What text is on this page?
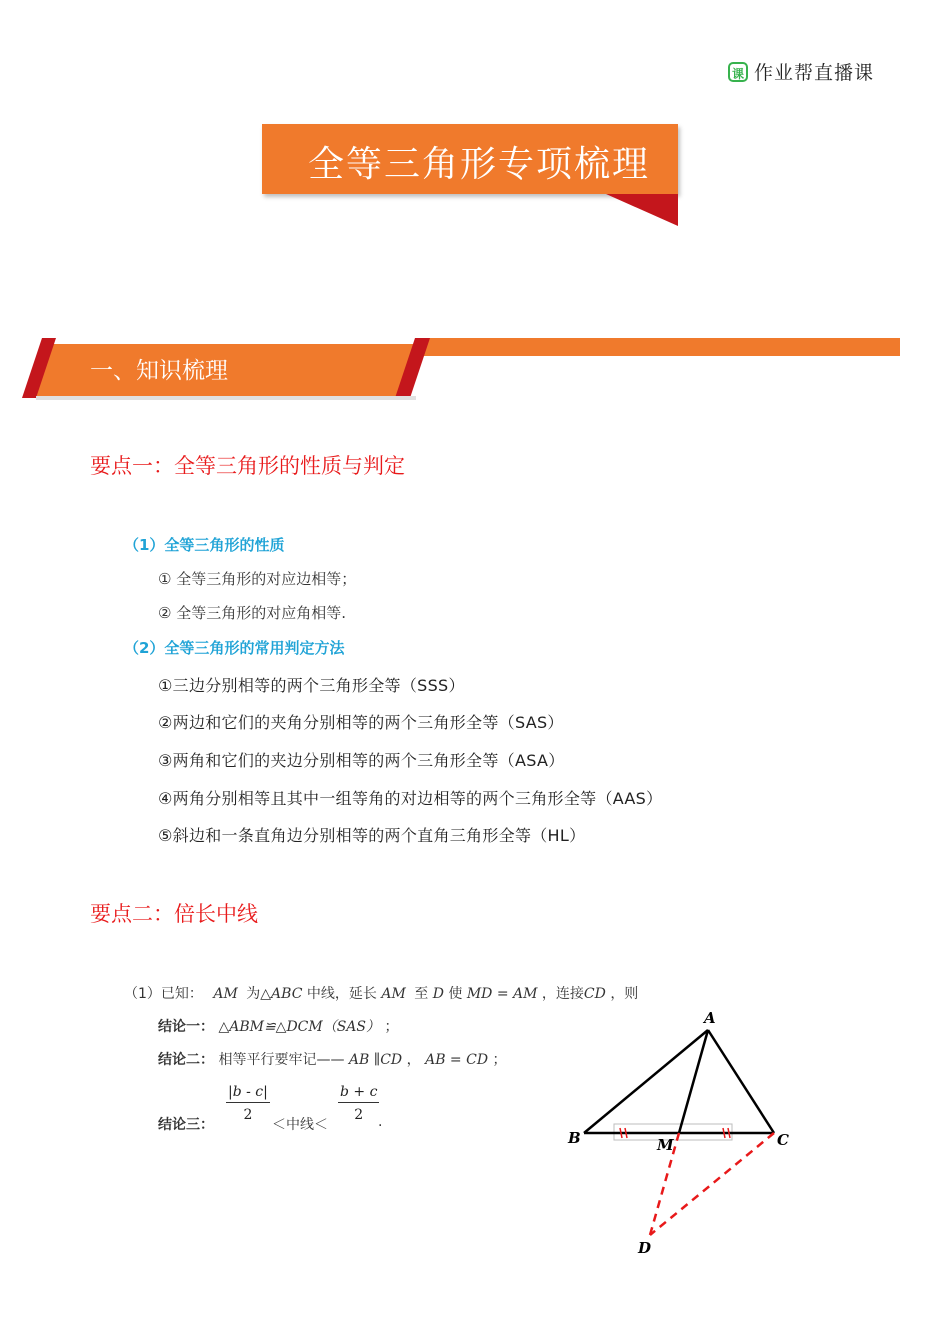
课 作业帮直播课
全等三角形专项梳理
一、知识梳理
要点一：全等三角形的性质与判定
（1）全等三角形的性质
① 全等三角形的对应边相等；
② 全等三角形的对应角相等.
（2）全等三角形的常用判定方法
①三边分别相等的两个三角形全等（SSS）
②两边和它们的夹角分别相等的两个三角形全等（SAS）
③两角和它们的夹边分别相等的两个三角形全等（ASA）
④两角分别相等且其中一组等角的对边相等的两个三角形全等（AAS）
⑤斜边和一条直角边分别相等的两个直角三角形全等（HL）
要点二：倍长中线
（1）已知： AM 为△ABC 中线，延长 AM 至 D 使 MD = AM ，连接CD ，则
结论一： △ABM≌△DCM（SAS） ；
结论二： 相等平行要牢记—— AB ∥CD ， AB = CD ；
结论三：
$\frac{|b - c|}{2}$
＜中线＜
$\frac{b + c}{2}$
.
A
B	C
M
D
